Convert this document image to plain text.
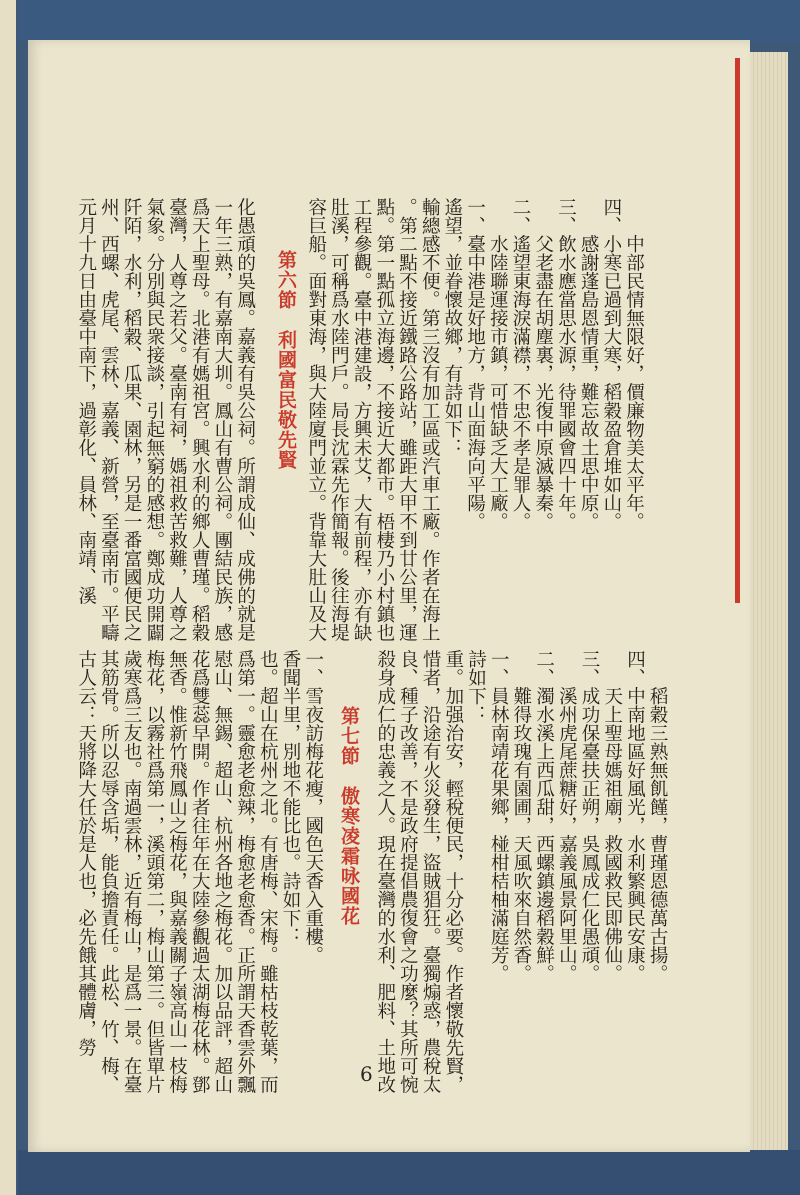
　　中部民情無限好，價廉物美太平年。
四、小寒已過到大寒，稻穀盈倉堆如山。
　　感謝蓬島恩情重，難忘故土思中原。
三、飲水應當思水源，待罪國會四十年。
　　父老盡在胡塵裏，光復中原滅暴秦。
二、遙望東海淚滿襟，不忠不孝是罪人。
　　水陸聯運接市鎮，可惜缺乏大工廠。
一、臺中港是好地方，背山面海向平陽。
遙望，並眷懷故鄉，有詩如下：
輸總感不便。第三沒有加工區或汽車工廠。作者在海上
。第二點不接近鐵路公路站，雖距大甲不到廿公里，運
點。第一點孤立海邊，不接近大都市。梧棲乃小村鎮也
工程參觀。臺中港建設，方興未艾，大有前程，亦有缺
肚溪，可稱爲水陸門戶。局長沈霖先作簡報。後往海堤
容巨船。面對東海，與大陸廈門並立。背靠大肚山及大

第六節　利國富民敬先賢

化愚頑的吳鳳。嘉義有吳公祠。所謂成仙、成佛的就是
一年三熟，有嘉南大圳。鳳山有曹公祠。團結民族，感
爲天上聖母。北港有媽祖宮。興水利的鄉人曹瑾。稻穀
臺灣，人尊之若父。臺南有祠，媽祖救苦救難，人尊之
氣象。分別與民衆接談，引起無窮的感想。鄭成功開闢
阡陌，水利，稻穀、瓜果、園林，另是一番富國便民之
州、西螺、虎尾、雲林、嘉義、新營，至臺南市。平疇
元月十九日由臺中南下，過彰化、員林、南靖、溪

　　稻穀三熟無飢饉，曹瑾恩德萬古揚。
四、中南地區好風光，水利繁興民安康。
　　天上聖母媽祖廟，救國救民即佛仙。
三、成功保臺扶正朔，吳鳳成仁化愚頑。
　　溪州虎尾蔗糖好，嘉義風景阿里山。
二、濁水溪上西瓜甜，西螺鎮邊稻穀鮮。
　　難得玫瑰有園圃，天風吹來自然香。
一、員林南靖花果鄉，椪柑桔柚滿庭芳。
詩如下：
重。加强治安，輕稅便民，十分必要。作者懷敬先賢，
惜者，沿途有火災發生，盜賊猖狂。臺獨煽惑，農稅太
良、種子改善，不是政府提倡農復會之功麼？其所可惋
殺身成仁的忠義之人。現在臺灣的水利、肥料、土地改

第七節　傲寒凌霜咏國花

一、雪夜訪梅花瘦，國色天香入重樓。
香聞半里，別地不能比也。詩如下：
也。超山在杭州之北。有唐梅、宋梅。雖枯枝乾葉，而
爲第一。靈愈老愈辣，梅愈老愈香。正所謂天香雲外飄
慰山、無錫、超山、杭州各地之梅花。加以品評，超山
花爲雙蕊早開。作者往年在大陸參觀過太湖梅花林。鄧
無香。惟新竹飛鳳山之梅花，與嘉義關子嶺高山一枝梅
梅花，以霧社爲第一，溪頭第二，梅山第三。但皆單片
歲寒爲三友也。南過雲林，近有梅山，是爲一景。在臺
其筋骨。所以忍辱含垢，能負擔責任。此松、竹、梅、
古人云：天將降大任於是人也，必先餓其體膚，勞

6
